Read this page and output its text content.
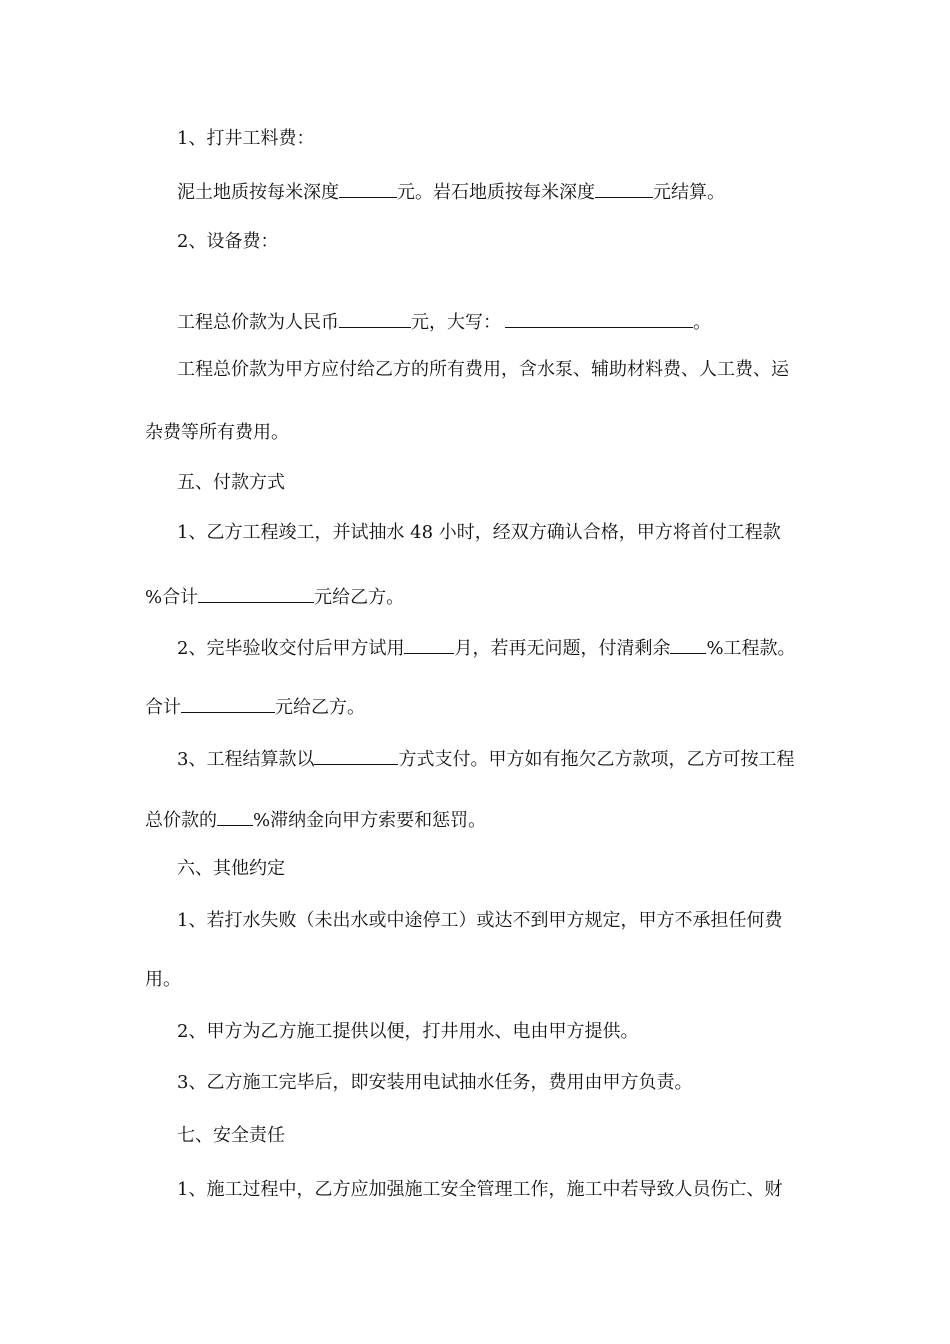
1、打井工料费：
泥土地质按每米深度	元。岩石地质按每米深度	元结算。
2、设备费：
工程总价款为人民币	元，大写：	。
工程总价款为甲方应付给乙方的所有费用，含水泵、辅助材料费、人工费、运
杂费等所有费用。
五、付款方式
1、乙方工程竣工，并试抽水 48 小时，经双方确认合格，甲方将首付工程款
%合计	元给乙方。
2、完毕验收交付后甲方试用	月，若再无问题，付清剩余 %工程款。
合计	元给乙方。
3、工程结算款以	方式支付。甲方如有拖欠乙方款项，乙方可按工程
总价款的 %滞纳金向甲方索要和惩罚。
六、其他约定
1、若打水失败（未出水或中途停工）或达不到甲方规定，甲方不承担任何费
用。
2、甲方为乙方施工提供以便，打井用水、电由甲方提供。
3、乙方施工完毕后，即安装用电试抽水任务，费用由甲方负责。
七、安全责任
1、施工过程中，乙方应加强施工安全管理工作，施工中若导致人员伤亡、财
